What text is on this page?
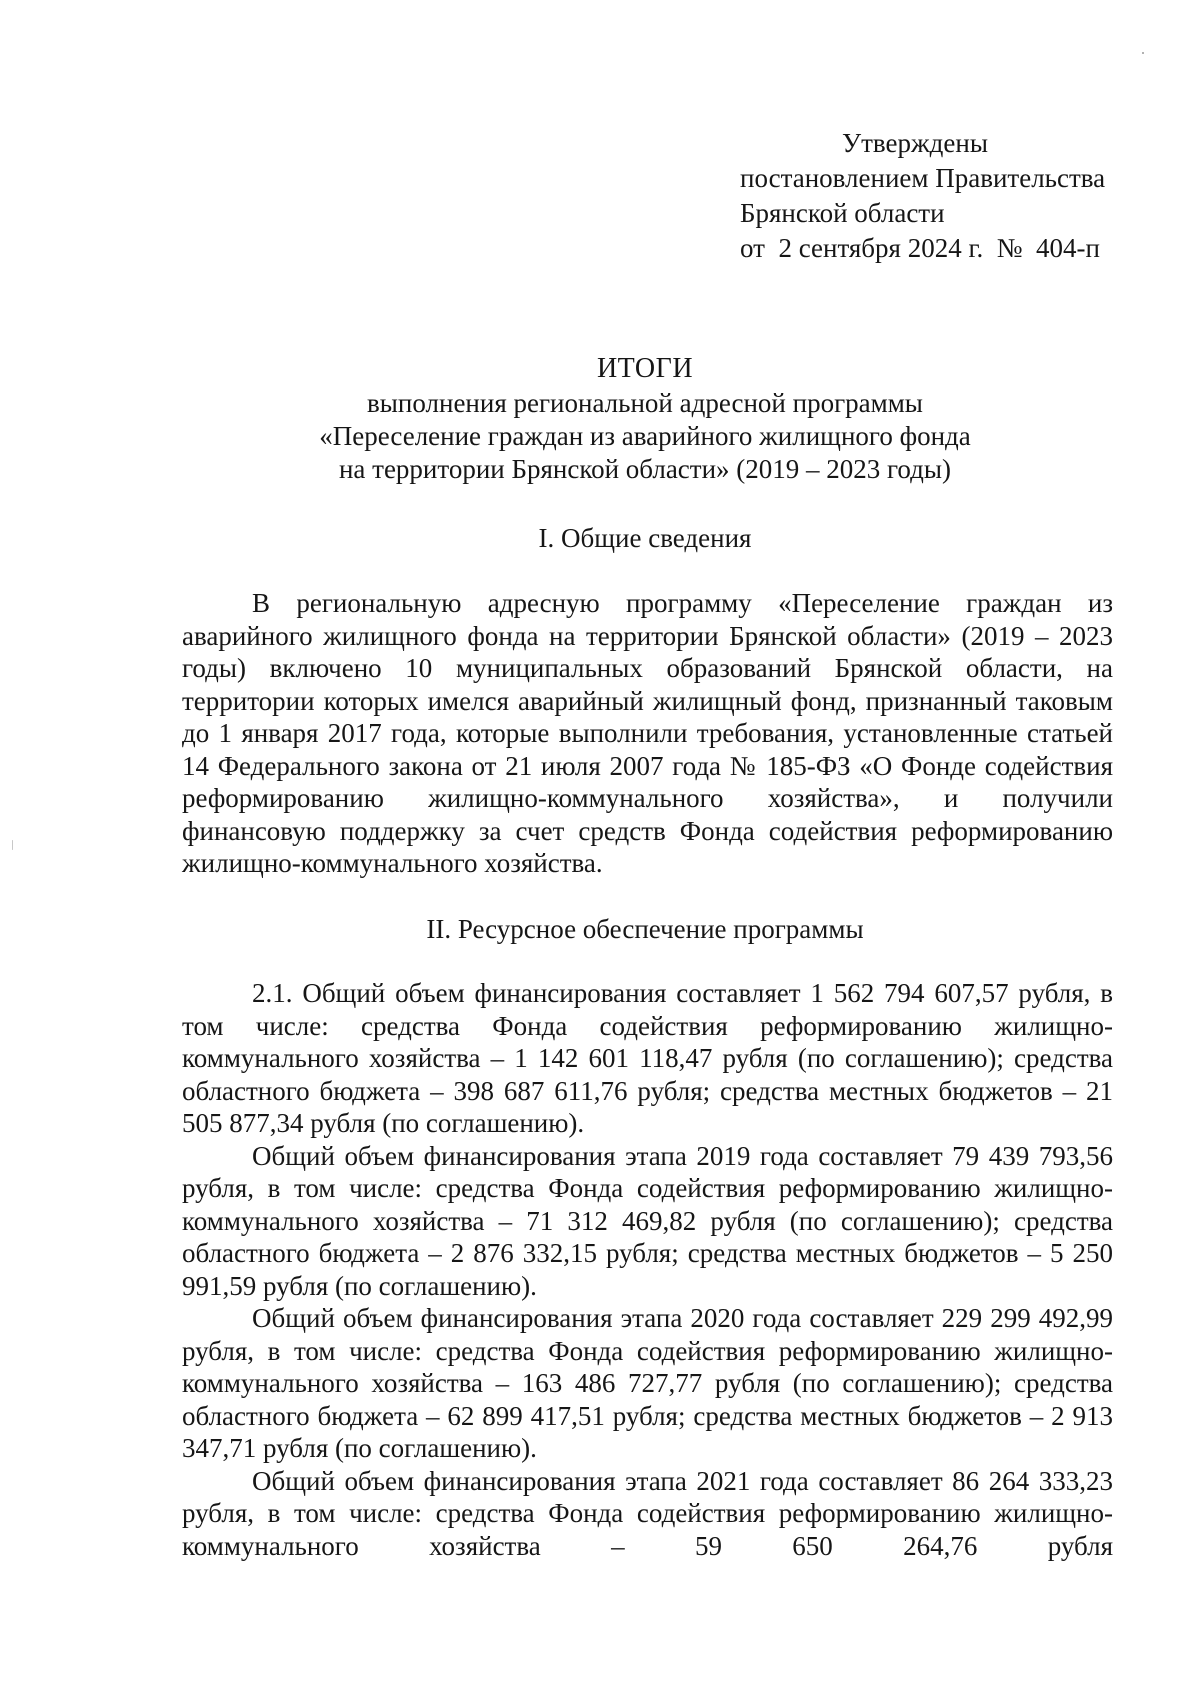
Утверждены
постановлением Правительства
Брянской области
от  2 сентября 2024 г.  №  404-п
ИТОГИ
выполнения региональной адресной программы
«Переселение граждан из аварийного жилищного фонда
на территории Брянской области» (2019 – 2023 годы)
I. Общие сведения

В региональную адресную программу «Переселение граждан из аварийного жилищного фонда на территории Брянской области» (2019 – 2023 годы) включено 10 муниципальных образований Брянской области, на территории которых имелся аварийный жилищный фонд, признанный таковым до 1 января 2017 года, которые выполнили требования, установленные статьей 14 Федерального закона от 21 июля 2007 года № 185-ФЗ «О Фонде содействия реформированию жилищно-коммунального хозяйства», и получили финансовую поддержку за счет средств Фонда содействия реформированию жилищно-коммунального хозяйства.

II. Ресурсное обеспечение программы

2.1. Общий объем финансирования составляет 1 562 794 607,57 рубля, в том числе: средства Фонда содействия реформированию жилищно-коммунального хозяйства – 1 142 601 118,47 рубля (по соглашению); средства областного бюджета – 398 687 611,76 рубля; средства местных бюджетов – 21 505 877,34 рубля (по соглашению).

Общий объем финансирования этапа 2019 года составляет 79 439 793,56 рубля, в том числе: средства Фонда содействия реформированию жилищно-коммунального хозяйства – 71 312 469,82 рубля (по соглашению); средства областного бюджета – 2 876 332,15 рубля; средства местных бюджетов – 5 250 991,59 рубля (по соглашению).

Общий объем финансирования этапа 2020 года составляет 229 299 492,99 рубля, в том числе: средства Фонда содействия реформированию жилищно-коммунального хозяйства – 163 486 727,77 рубля (по соглашению); средства областного бюджета – 62 899 417,51 рубля; средства местных бюджетов – 2 913 347,71 рубля (по соглашению).

Общий объем финансирования этапа 2021 года составляет 86 264 333,23 рубля, в том числе: средства Фонда содействия реформированию жилищно-коммунального хозяйства – 59 650 264,76 рубля
